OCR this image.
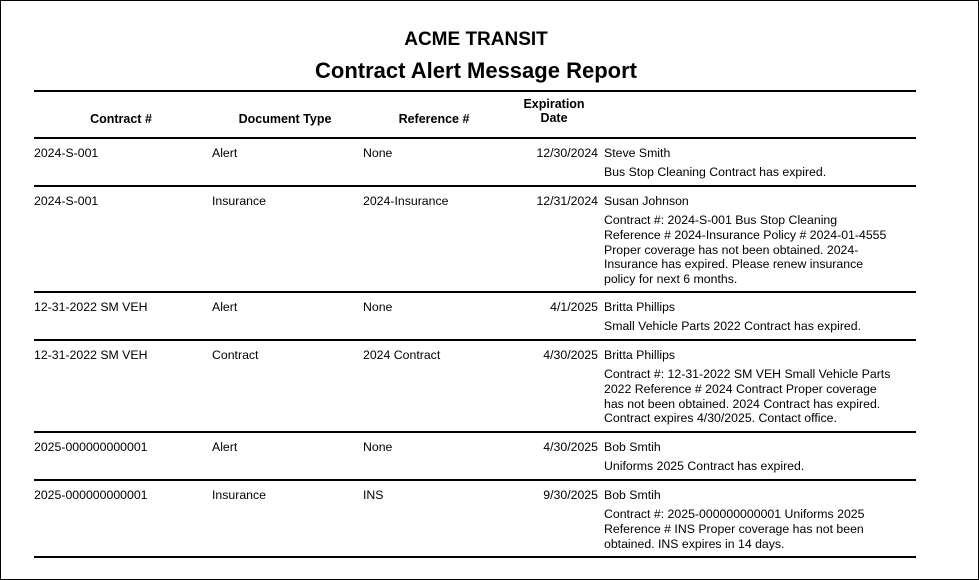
ACME TRANSIT
Contract Alert Message Report
Contract #	Document Type	Reference #
Expiration
Date
2024-S-001	Alert	None	12/30/2024 Steve Smith
Bus Stop Cleaning Contract has expired.
2024-S-001	Insurance	2024-Insurance	12/31/2024 Susan Johnson
Contract #: 2024-S-001 Bus Stop Cleaning
Reference # 2024-Insurance Policy # 2024-01-4555
Proper coverage has not been obtained. 2024-
Insurance has expired. Please renew insurance
policy for next 6 months.
12-31-2022 SM VEH	Alert	None	4/1/2025 Britta Phillips
Small Vehicle Parts 2022 Contract has expired.
12-31-2022 SM VEH	Contract	2024 Contract	4/30/2025 Britta Phillips
Contract #: 12-31-2022 SM VEH Small Vehicle Parts
2022 Reference # 2024 Contract Proper coverage
has not been obtained. 2024 Contract has expired.
Contract expires 4/30/2025. Contact office.
2025-000000000001	Alert	None	4/30/2025 Bob Smtih
Uniforms 2025 Contract has expired.
2025-000000000001	Insurance	INS	9/30/2025 Bob Smtih
Contract #: 2025-000000000001 Uniforms 2025
Reference # INS Proper coverage has not been
obtained. INS expires in 14 days.
